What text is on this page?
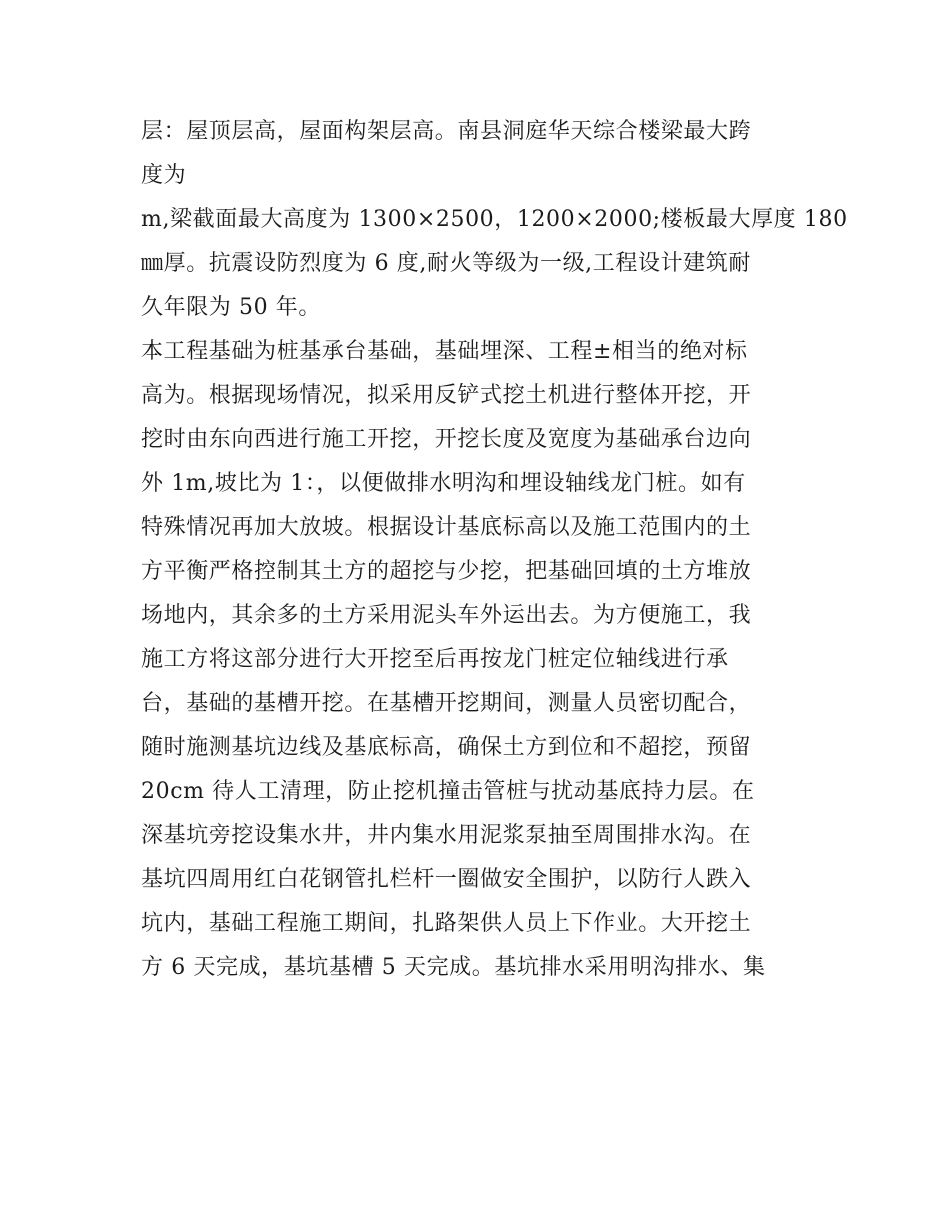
层：屋顶层高，屋面构架层高。南县洞庭华天综合楼梁最大跨
度为
m,梁截面最大高度为 1300×2500，1200×2000;楼板最大厚度 180
㎜厚。抗震设防烈度为 6 度,耐火等级为一级,工程设计建筑耐
久年限为 50 年。
本工程基础为桩基承台基础，基础埋深、工程±相当的绝对标
高为。根据现场情况，拟采用反铲式挖土机进行整体开挖，开
挖时由东向西进行施工开挖，开挖长度及宽度为基础承台边向
外 1m,坡比为 1：，以便做排水明沟和埋设轴线龙门桩。如有
特殊情况再加大放坡。根据设计基底标高以及施工范围内的土
方平衡严格控制其土方的超挖与少挖，把基础回填的土方堆放
场地内，其余多的土方采用泥头车外运出去。为方便施工，我
施工方将这部分进行大开挖至后再按龙门桩定位轴线进行承
台，基础的基槽开挖。在基槽开挖期间，测量人员密切配合，
随时施测基坑边线及基底标高，确保土方到位和不超挖，预留
20cm 待人工清理，防止挖机撞击管桩与扰动基底持力层。在
深基坑旁挖设集水井，井内集水用泥浆泵抽至周围排水沟。在
基坑四周用红白花钢管扎栏杆一圈做安全围护，以防行人跌入
坑内，基础工程施工期间，扎路架供人员上下作业。大开挖土
方 6 天完成，基坑基槽 5 天完成。基坑排水采用明沟排水、集
